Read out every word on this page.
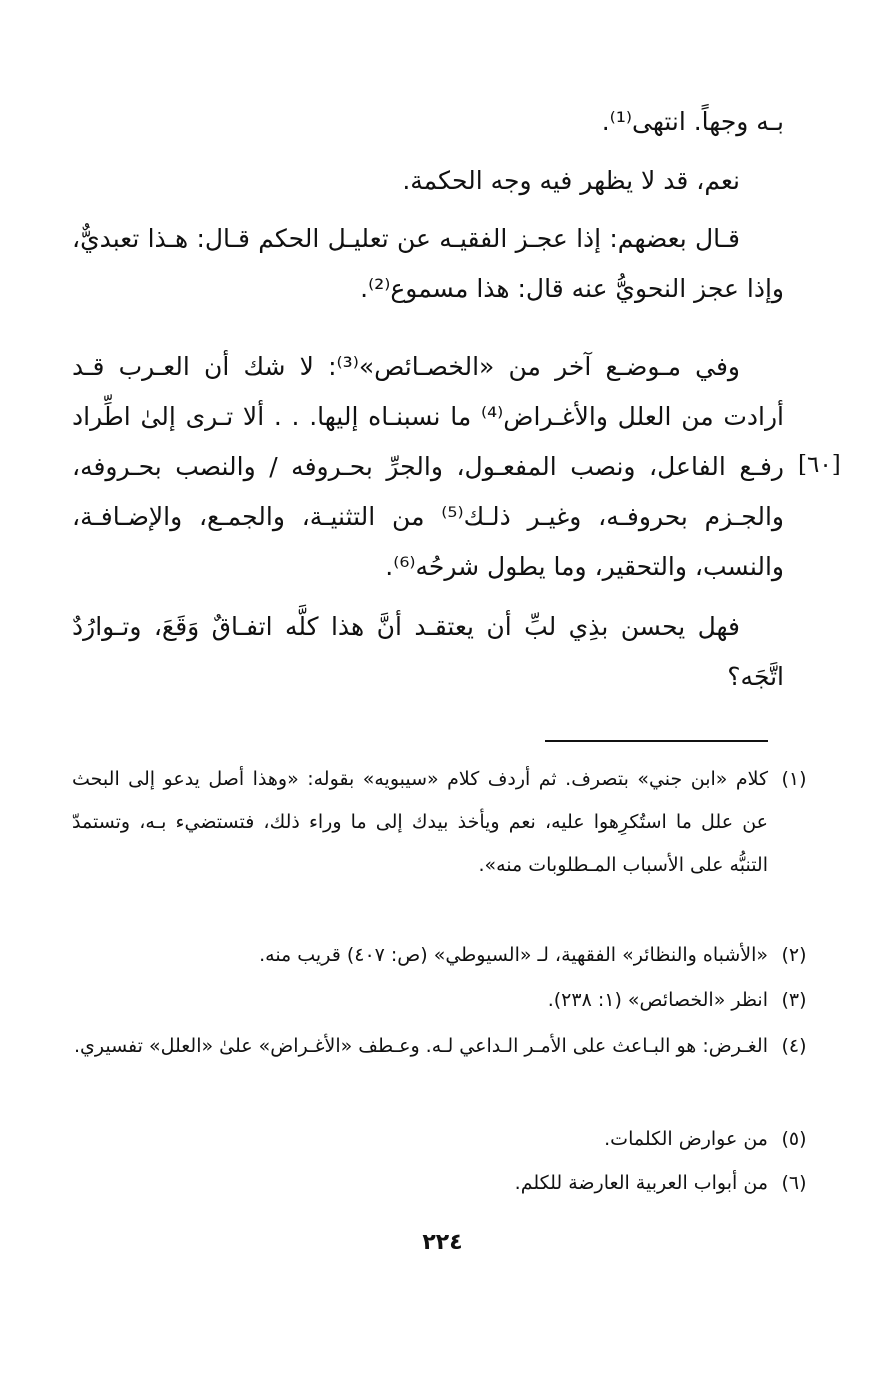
بـه وجهاً. انتهى⁽¹⁾.

نعم، قد لا يظهر فيه وجه الحكمة.

قـال بعضهم: إذا عجـز الفقيـه عن تعليـل الحكم قـال: هـذا تعبديٌّ، وإذا عجز النحويُّ عنه قال: هذا مسموع⁽²⁾.

وفي مـوضـع آخر من «الخصـائص»⁽³⁾: لا شك أن العـرب قـد أرادت من العلل والأغـراض⁽⁴⁾ ما نسبنـاه إليها. . . ألا تـرى إلىٰ اطِّراد رفـع الفاعل، ونصب المفعـول، والجرِّ بحـروفه / والنصب بحـروفه، والجـزم بحروفـه، وغيـر ذلـك⁽⁵⁾ من التثنيـة، والجمـع، والإضـافـة، والنسب، والتحقير، وما يطول شرحُه⁽⁶⁾.

فهل يحسن بذِي لبِّ أن يعتقـد أنَّ هذا كلَّه اتفـاقٌ وَقَعَ، وتـوارُدٌ اتَّجَه؟

[٦٠]
(١)
كلام «ابن جني» بتصرف. ثم أردف كلام «سيبويه» بقوله: «وهذا أصل يدعو إلى البحث عن علل ما استُكرِهوا عليه، نعم ويأخذ بيدك إلى ما وراء ذلك، فتستضيء بـه، وتستمدّ التنبُّه على الأسباب المـطلوبات منه».
(٢)
«الأشباه والنظائر» الفقهية، لـ «السيوطي» (ص: ٤٠٧) قريب منه.
(٣)
انظر «الخصائص» (١: ٢٣٨).
(٤)
الغـرض: هو البـاعث على الأمـر الـداعي لـه. وعـطف «الأغـراض» علىٰ «العلل» تفسيري.
(٥)
من عوارض الكلمات.
(٦)
من أبواب العربية العارضة للكلم.
٢٢٤
